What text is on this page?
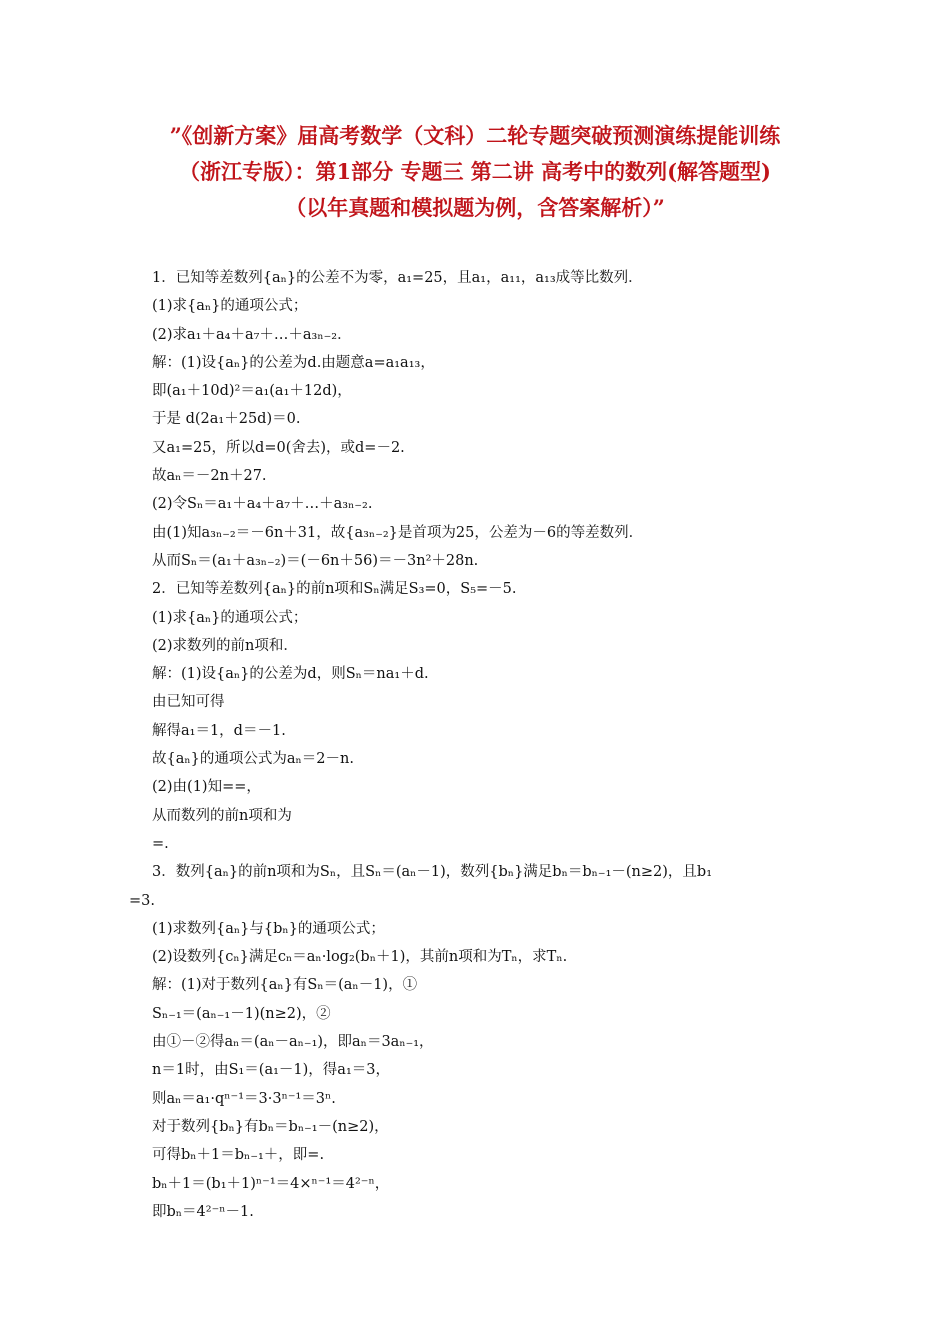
”《创新方案》届高考数学（文科）二轮专题突破预测演练提能训练
（浙江专版）：第1部分 专题三 第二讲 高考中的数列(解答题型)
（以年真题和模拟题为例，含答案解析）”
1．已知等差数列{aₙ}的公差不为零，a₁=25，且a₁，a₁₁，a₁₃成等比数列．
(1)求{aₙ}的通项公式；
(2)求a₁＋a₄＋a₇＋…＋a₃ₙ₋₂．
解：(1)设{aₙ}的公差为d.由题意a=a₁a₁₃，
即(a₁＋10d)²＝a₁(a₁＋12d)，
于是 d(2a₁＋25d)＝0.
又a₁=25，所以d=0(舍去)，或d=－2.
故aₙ＝－2n＋27.
(2)令Sₙ＝a₁＋a₄＋a₇＋…＋a₃ₙ₋₂.
由(1)知a₃ₙ₋₂＝－6n＋31，故{a₃ₙ₋₂}是首项为25，公差为－6的等差数列．
从而Sₙ＝(a₁＋a₃ₙ₋₂)＝(－6n＋56)＝－3n²＋28n.
2．已知等差数列{aₙ}的前n项和Sₙ满足S₃=0，S₅=－5.
(1)求{aₙ}的通项公式；
(2)求数列的前n项和．
解：(1)设{aₙ}的公差为d，则Sₙ＝na₁＋d.
由已知可得
解得a₁＝1，d＝－1.
故{aₙ}的通项公式为aₙ＝2－n.
(2)由(1)知==，
从而数列的前n项和为
=.
3．数列{aₙ}的前n项和为Sₙ，且Sₙ＝(aₙ－1)，数列{bₙ}满足bₙ＝bₙ₋₁－(n≥2)，且b₁
=3.
(1)求数列{aₙ}与{bₙ}的通项公式；
(2)设数列{cₙ}满足cₙ＝aₙ·log₂(bₙ＋1)，其前n项和为Tₙ，求Tₙ.
解：(1)对于数列{aₙ}有Sₙ＝(aₙ－1)，①
Sₙ₋₁＝(aₙ₋₁－1)(n≥2)，②
由①－②得aₙ＝(aₙ－aₙ₋₁)，即aₙ＝3aₙ₋₁，
n＝1时，由S₁＝(a₁－1)，得a₁＝3，
则aₙ＝a₁·qⁿ⁻¹＝3·3ⁿ⁻¹＝3ⁿ.
对于数列{bₙ}有bₙ＝bₙ₋₁－(n≥2)，
可得bₙ＋1＝bₙ₋₁＋，即=.
bₙ＋1＝(b₁＋1)ⁿ⁻¹＝4×ⁿ⁻¹＝4²⁻ⁿ，
即bₙ＝4²⁻ⁿ－1.
